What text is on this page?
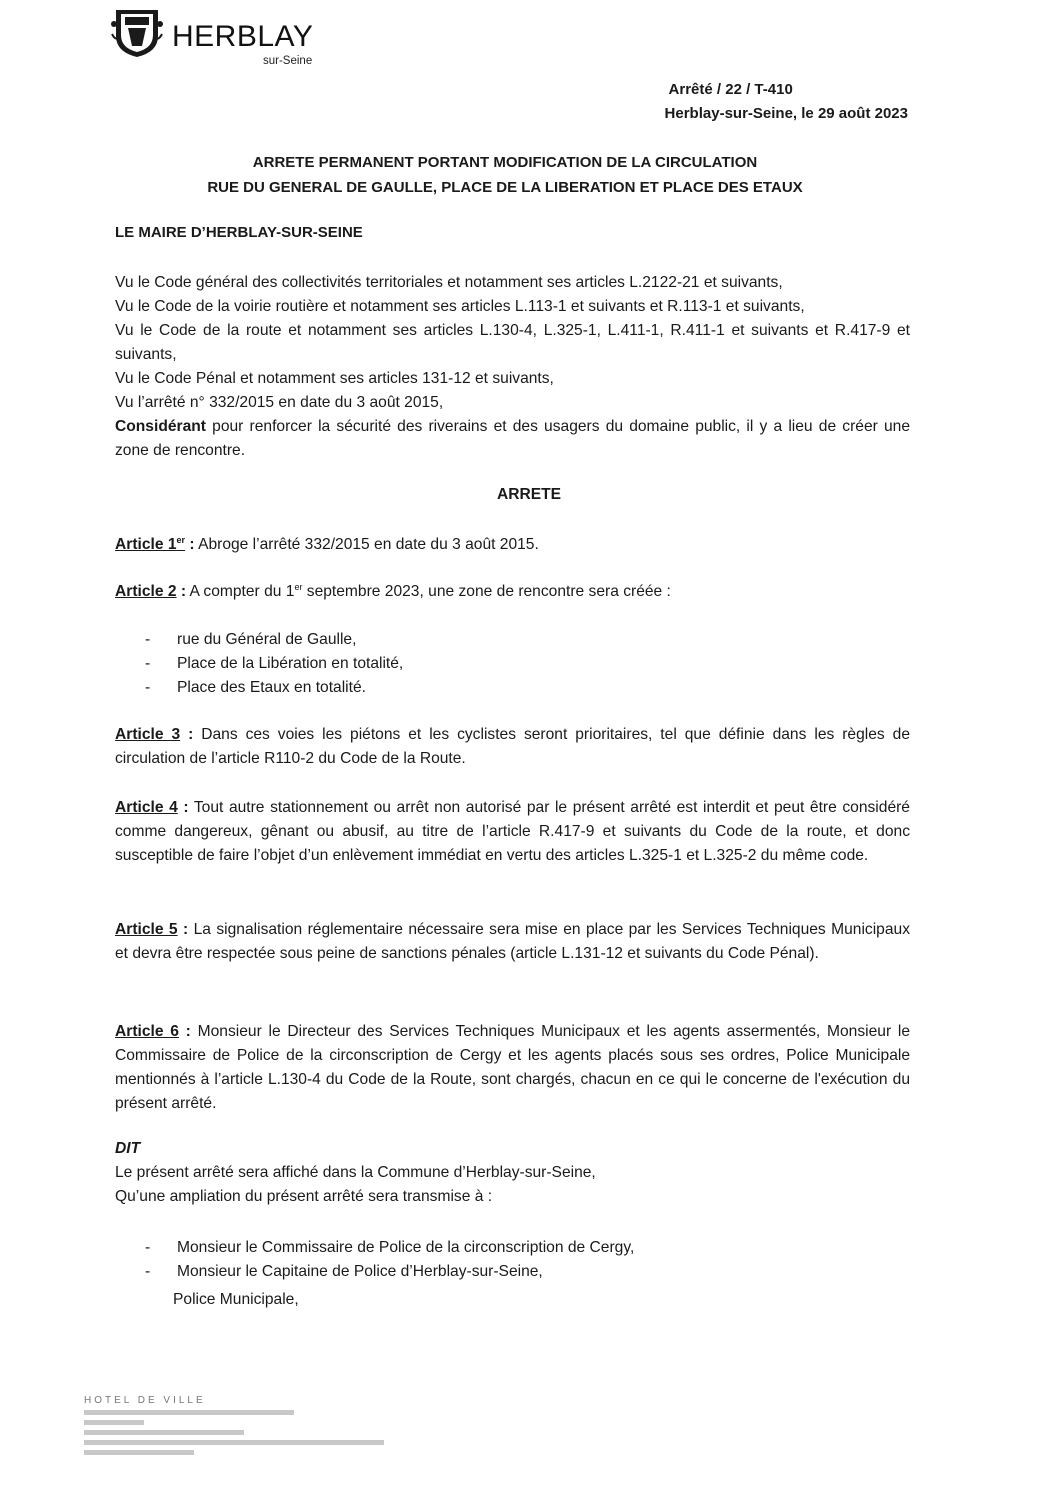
HERBLAY
sur-Seine
Arrêté / 22 / T-410
Herblay-sur-Seine, le 29 août 2023
ARRETE PERMANENT PORTANT MODIFICATION DE LA CIRCULATION
RUE DU GENERAL DE GAULLE, PLACE DE LA LIBERATION ET PLACE DES ETAUX
LE MAIRE D’HERBLAY-SUR-SEINE

Vu le Code général des collectivités territoriales et notamment ses articles L.2122-21 et suivants,

Vu le Code de la voirie routière et notamment ses articles L.113-1 et suivants et R.113-1 et suivants,

Vu le Code de la route et notamment ses articles L.130-4, L.325-1, L.411-1, R.411-1 et suivants et R.417-9 et suivants,

Vu le Code Pénal et notamment ses articles 131-12 et suivants,

Vu l’arrêté n° 332/2015 en date du 3 août 2015,

Considérant pour renforcer la sécurité des riverains et des usagers du domaine public, il y a lieu de créer une zone de rencontre.

ARRETE
Article 1er : Abroge l’arrêté 332/2015 en date du 3 août 2015.
Article 2 : A compter du 1er septembre 2023, une zone de rencontre sera créée :
- rue du Général de Gaulle,
- Place de la Libération en totalité,
- Place des Etaux en totalité.
Article 3 : Dans ces voies les piétons et les cyclistes seront prioritaires, tel que définie dans les règles de circulation de l’article R110-2 du Code de la Route.
Article 4 : Tout autre stationnement ou arrêt non autorisé par le présent arrêté est interdit et peut être considéré comme dangereux, gênant ou abusif, au titre de l’article R.417-9 et suivants du Code de la route, et donc susceptible de faire l’objet d’un enlèvement immédiat en vertu des articles L.325-1 et L.325-2 du même code.
Article 5 : La signalisation réglementaire nécessaire sera mise en place par les Services Techniques Municipaux et devra être respectée sous peine de sanctions pénales (article L.131-12 et suivants du Code Pénal).
Article 6 : Monsieur le Directeur des Services Techniques Municipaux et les agents assermentés, Monsieur le Commissaire de Police de la circonscription de Cergy et les agents placés sous ses ordres, Police Municipale mentionnés à l’article L.130-4 du Code de la Route, sont chargés, chacun en ce qui le concerne de l'exécution du présent arrêté.
DIT

Le présent arrêté sera affiché dans la Commune d’Herblay-sur-Seine,

Qu’une ampliation du présent arrêté sera transmise à :

- Monsieur le Commissaire de Police de la circonscription de Cergy,
- Monsieur le Capitaine de Police d’Herblay-sur-Seine,
Police Municipale,
HOTEL DE VILLE
